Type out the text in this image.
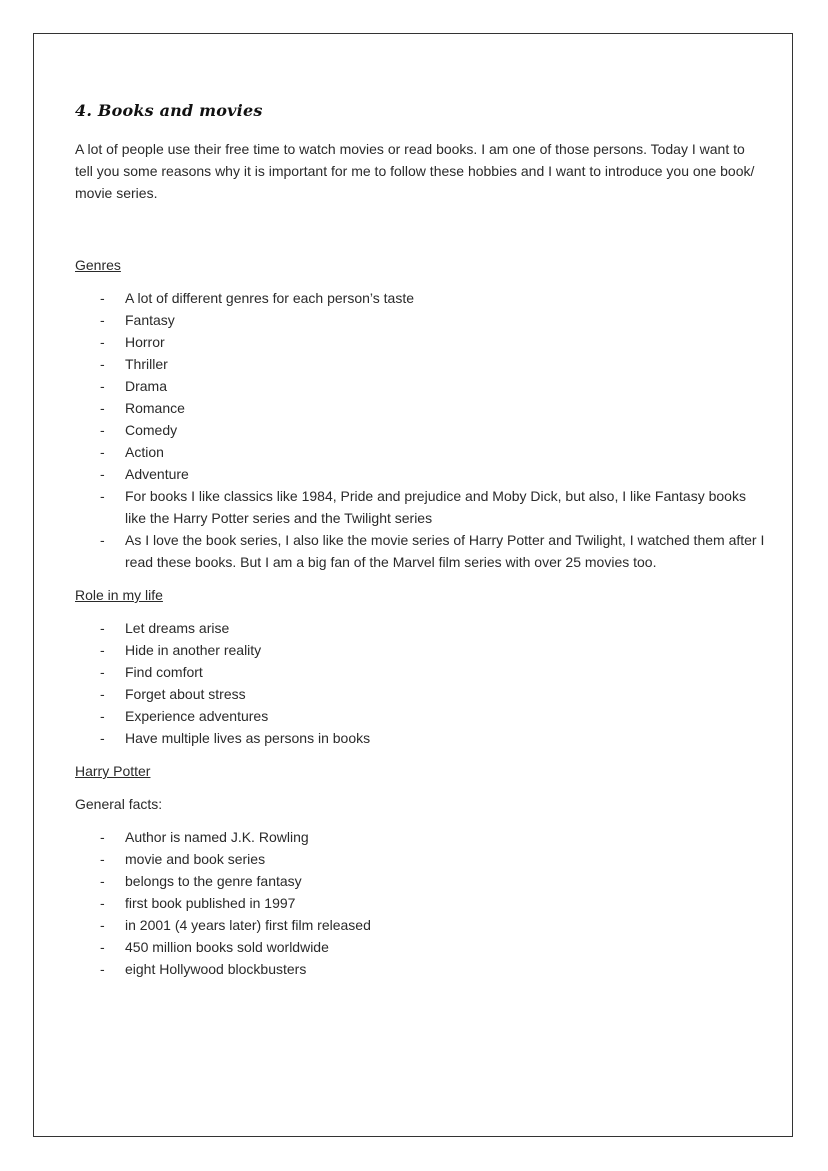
4. Books and movies

A lot of people use their free time to watch movies or read books. I am one of those persons. Today I want to tell you some reasons why it is important for me to follow these hobbies and I want to introduce you one book/ movie series.

Genres
- A lot of different genres for each person’s taste
- Fantasy
- Horror
- Thriller
- Drama
- Romance
- Comedy
- Action
- Adventure
- For books I like classics like 1984, Pride and prejudice and Moby Dick, but also, I like Fantasy books like the Harry Potter series and the Twilight series
- As I love the book series, I also like the movie series of Harry Potter and Twilight, I watched them after I read these books. But I am a big fan of the Marvel film series with over 25 movies too.
Role in my life
- Let dreams arise
- Hide in another reality
- Find comfort
- Forget about stress
- Experience adventures
- Have multiple lives as persons in books
Harry Potter
General facts:
- Author is named J.K. Rowling
- movie and book series
- belongs to the genre fantasy
- first book published in 1997
- in 2001 (4 years later) first film released
- 450 million books sold worldwide
- eight Hollywood blockbusters
